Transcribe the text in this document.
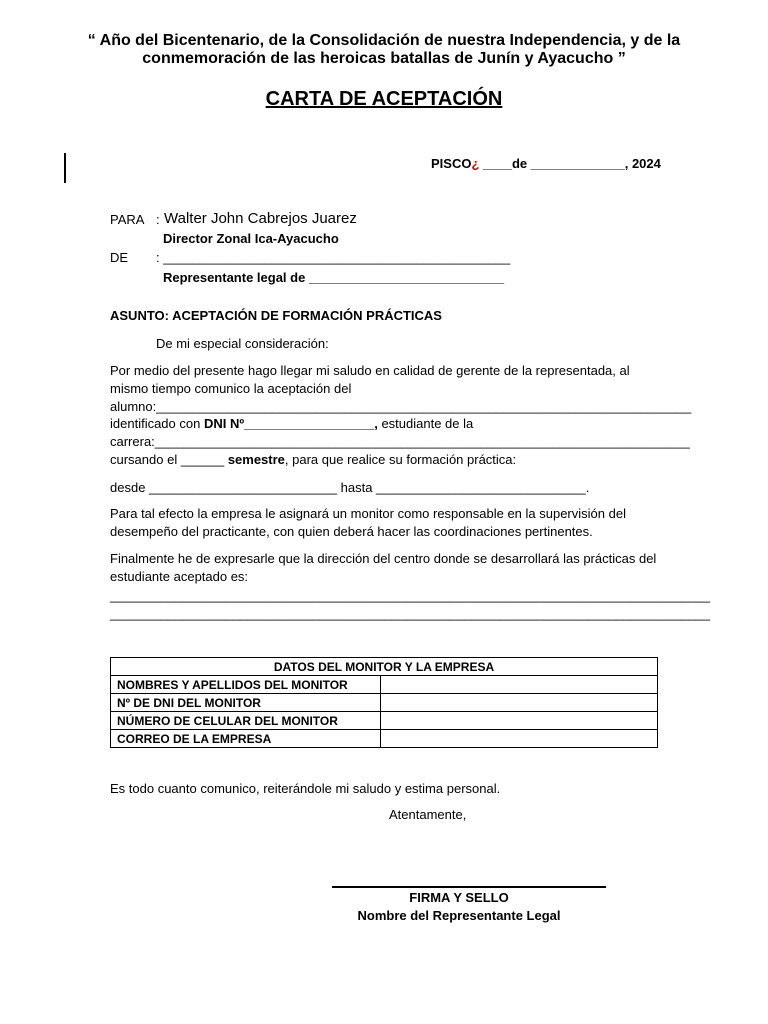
“ Año del Bicentenario, de la Consolidación de nuestra Independencia, y de la
conmemoración de las heroicas batallas de Junín y Ayacucho ”
CARTA DE ACEPTACIÓN
PISCO¿ ____de _____________, 2024
PARA : Walter John Cabrejos Juarez
Director Zonal Ica-Ayacucho
DE : ________________________________________________
Representante legal de ___________________________
ASUNTO: ACEPTACIÓN DE FORMACIÓN PRÁCTICAS
De mi especial consideración:
Por medio del presente hago llegar mi saludo en calidad de gerente de la representada, al
mismo tiempo comunico la aceptación del
alumno:__________________________________________________________________________
identificado con DNI Nº__________________, estudiante de la
carrera:__________________________________________________________________________
cursando el ______ semestre, para que realice su formación práctica:
desde __________________________ hasta _____________________________.
Para tal efecto la empresa le asignará un monitor como responsable en la supervisión del
desempeño del practicante, con quien deberá hacer las coordinaciones pertinentes.
Finalmente he de expresarle que la dirección del centro donde se desarrollará las prácticas del
estudiante aceptado es:
___________________________________________________________________________________
___________________________________________________________________________________
DATOS DEL MONITOR Y LA EMPRESA	
NOMBRES Y APELLIDOS DEL MONITOR	
Nº DE DNI DEL MONITOR	
NÚMERO DE CELULAR DEL MONITOR	
CORREO DE LA EMPRESA	
Es todo cuanto comunico, reiterándole mi saludo y estima personal.
Atentamente,
FIRMA Y SELLO
Nombre del Representante Legal
